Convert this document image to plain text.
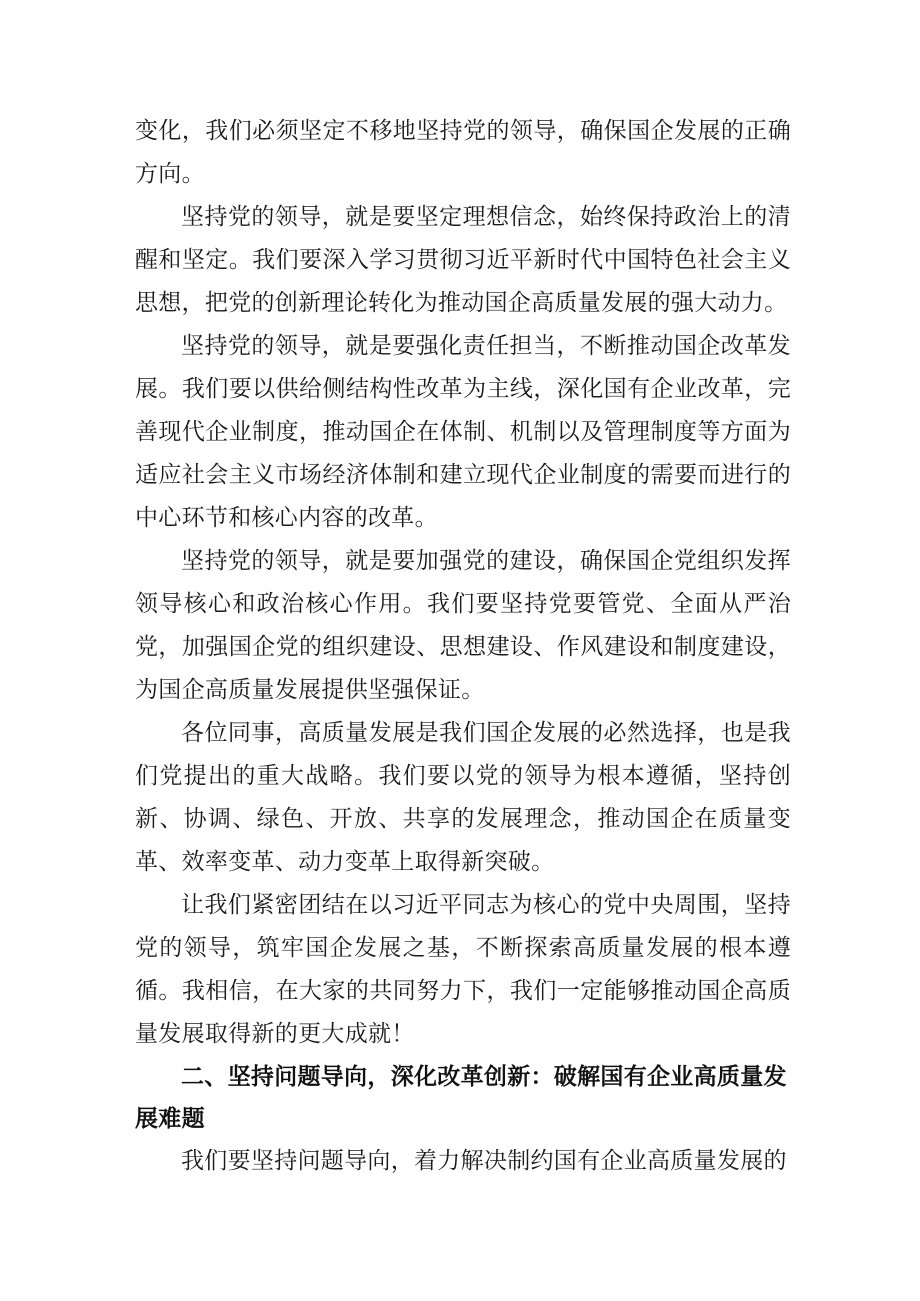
变化，我们必须坚定不移地坚持党的领导，确保国企发展的正确方向。

坚持党的领导，就是要坚定理想信念，始终保持政治上的清醒和坚定。我们要深入学习贯彻习近平新时代中国特色社会主义思想，把党的创新理论转化为推动国企高质量发展的强大动力。

坚持党的领导，就是要强化责任担当，不断推动国企改革发展。我们要以供给侧结构性改革为主线，深化国有企业改革，完善现代企业制度，推动国企在体制、机制以及管理制度等方面为适应社会主义市场经济体制和建立现代企业制度的需要而进行的中心环节和核心内容的改革。

坚持党的领导，就是要加强党的建设，确保国企党组织发挥领导核心和政治核心作用。我们要坚持党要管党、全面从严治党，加强国企党的组织建设、思想建设、作风建设和制度建设，为国企高质量发展提供坚强保证。

各位同事，高质量发展是我们国企发展的必然选择，也是我们党提出的重大战略。我们要以党的领导为根本遵循，坚持创新、协调、绿色、开放、共享的发展理念，推动国企在质量变革、效率变革、动力变革上取得新突破。

让我们紧密团结在以习近平同志为核心的党中央周围，坚持党的领导，筑牢国企发展之基，不断探索高质量发展的根本遵循。我相信，在大家的共同努力下，我们一定能够推动国企高质量发展取得新的更大成就！

二、坚持问题导向，深化改革创新：破解国有企业高质量发展难题

我们要坚持问题导向，着力解决制约国有企业高质量发展的
